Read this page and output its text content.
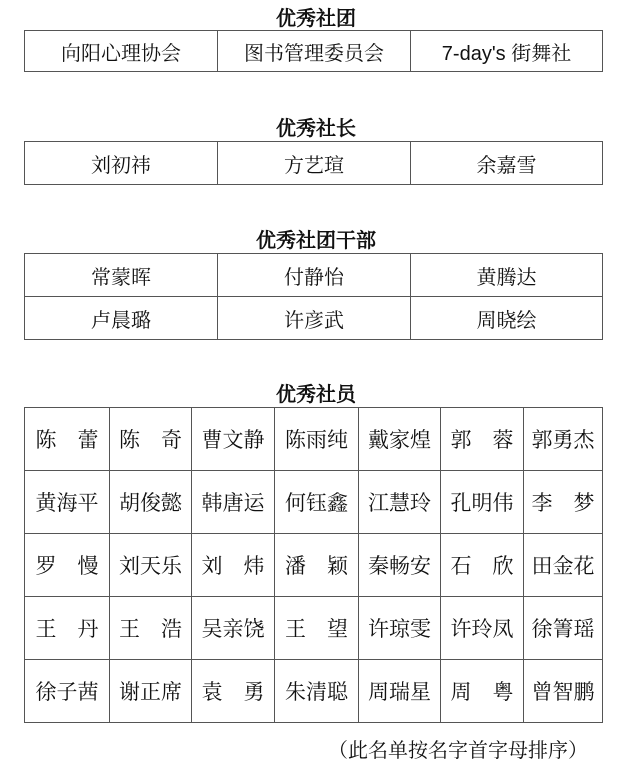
优秀社团
向阳心理协会	图书管理委员会	7-day's 街舞社
优秀社长
刘初祎	方艺瑄	余嘉雪
优秀社团干部
常蒙晖	付静怡	黄腾达
卢晨璐	许彦武	周晓绘
优秀社员
陈　蕾	陈　奇	曹文静	陈雨纯	戴家煌	郭　蓉	郭勇杰
黄海平	胡俊懿	韩唐运	何钰鑫	江慧玲	孔明伟	李　梦
罗　慢	刘天乐	刘　炜	潘　颖	秦畅安	石　欣	田金花
王　丹	王　浩	吴亲饶	王　望	许琼雯	许玲凤	徐箐瑶
徐子茜	谢正席	袁　勇	朱清聪	周瑞星	周　粤	曾智鹏
（此名单按名字首字母排序）
